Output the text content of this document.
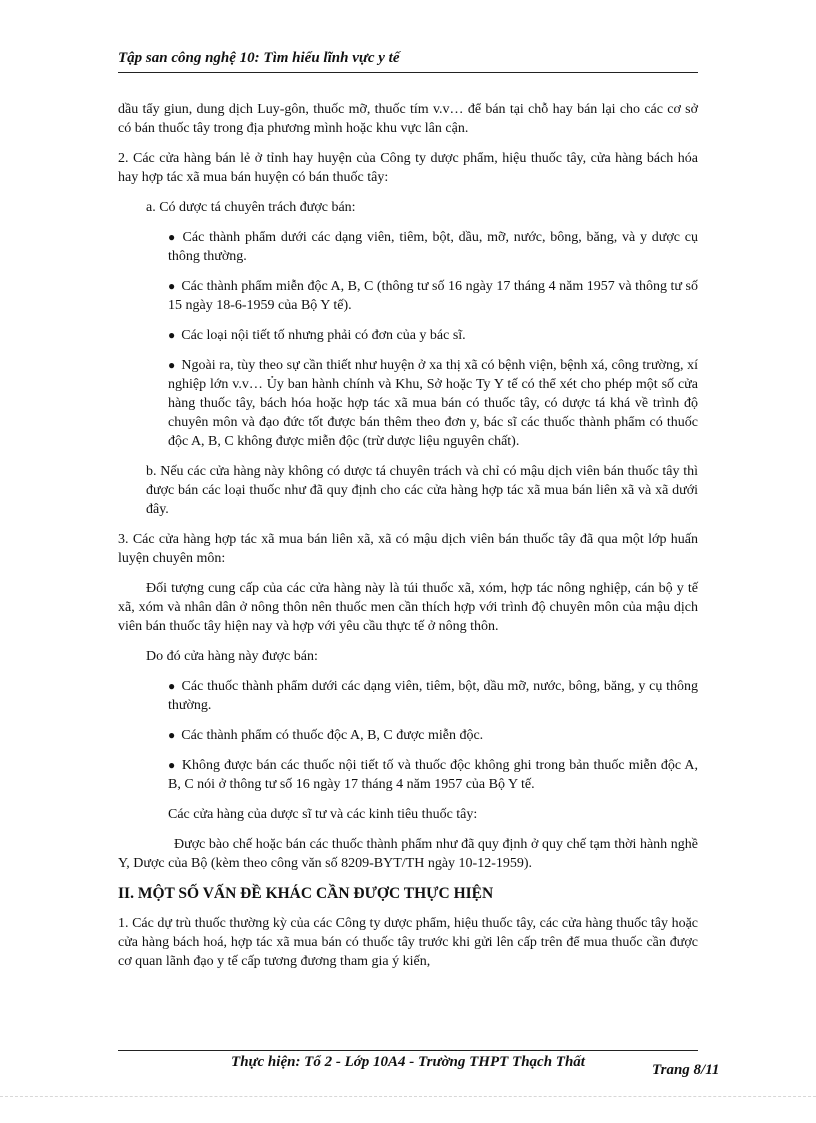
Tập san công nghệ 10: Tìm hiểu lĩnh vực y tế

dầu tẩy giun, dung dịch Luy-gôn, thuốc mỡ, thuốc tím v.v… để bán tại chỗ hay bán lại cho các cơ sở có bán thuốc tây trong địa phương mình hoặc khu vực lân cận.

2. Các cửa hàng bán lẻ ở tỉnh hay huyện của Công ty dược phẩm, hiệu thuốc tây, cửa hàng bách hóa hay hợp tác xã mua bán huyện có bán thuốc tây:

a. Có dược tá chuyên trách được bán:

● Các thành phẩm dưới các dạng viên, tiêm, bột, dầu, mỡ, nước, bông, băng, và y dược cụ thông thường.

● Các thành phẩm miễn độc A, B, C (thông tư số 16 ngày 17 tháng 4 năm 1957 và thông tư số 15 ngày 18-6-1959 của Bộ Y tế).

● Các loại nội tiết tố nhưng phải có đơn của y bác sĩ.

● Ngoài ra, tùy theo sự cần thiết như huyện ở xa thị xã có bệnh viện, bệnh xá, công trường, xí nghiệp lớn v.v… Ủy ban hành chính và Khu, Sở hoặc Ty Y tế có thể xét cho phép một số cửa hàng thuốc tây, bách hóa hoặc hợp tác xã mua bán có thuốc tây, có dược tá khá về trình độ chuyên môn và đạo đức tốt được bán thêm theo đơn y, bác sĩ các thuốc thành phẩm có thuốc độc A, B, C không được miễn độc (trừ dược liệu nguyên chất).

b. Nếu các cửa hàng này không có dược tá chuyên trách và chỉ có mậu dịch viên bán thuốc tây thì được bán các loại thuốc như đã quy định cho các cửa hàng hợp tác xã mua bán liên xã và xã dưới đây.

3. Các cửa hàng hợp tác xã mua bán liên xã, xã có mậu dịch viên bán thuốc tây đã qua một lớp huấn luyện chuyên môn:

Đối tượng cung cấp của các cửa hàng này là túi thuốc xã, xóm, hợp tác nông nghiệp, cán bộ y tế xã, xóm và nhân dân ở nông thôn nên thuốc men cần thích hợp với trình độ chuyên môn của mậu dịch viên bán thuốc tây hiện nay và hợp với yêu cầu thực tế ở nông thôn.

Do đó cửa hàng này được bán:

● Các thuốc thành phẩm dưới các dạng viên, tiêm, bột, dầu mỡ, nước, bông, băng, y cụ thông thường.

● Các thành phẩm có thuốc độc A, B, C được miễn độc.

● Không được bán các thuốc nội tiết tố và thuốc độc không ghi trong bản thuốc miễn độc A, B, C nói ở thông tư số 16 ngày 17 tháng 4 năm 1957 của Bộ Y tế.

Các cửa hàng của dược sĩ tư và các kinh tiêu thuốc tây:

Được bào chế hoặc bán các thuốc thành phẩm như đã quy định ở quy chế tạm thời hành nghề Y, Dược của Bộ (kèm theo công văn số 8209-BYT/TH ngày 10-12-1959).

II. MỘT SỐ VẤN ĐỀ KHÁC CẦN ĐƯỢC THỰC HIỆN

1. Các dự trù thuốc thường kỳ của các Công ty dược phẩm, hiệu thuốc tây, các cửa hàng thuốc tây hoặc cửa hàng bách hoá, hợp tác xã mua bán có thuốc tây trước khi gửi lên cấp trên để mua thuốc cần được cơ quan lãnh đạo y tế cấp tương đương tham gia ý kiến,

Thực hiện: Tổ 2 - Lớp 10A4 - Trường THPT Thạch Thất	Trang 8/11
